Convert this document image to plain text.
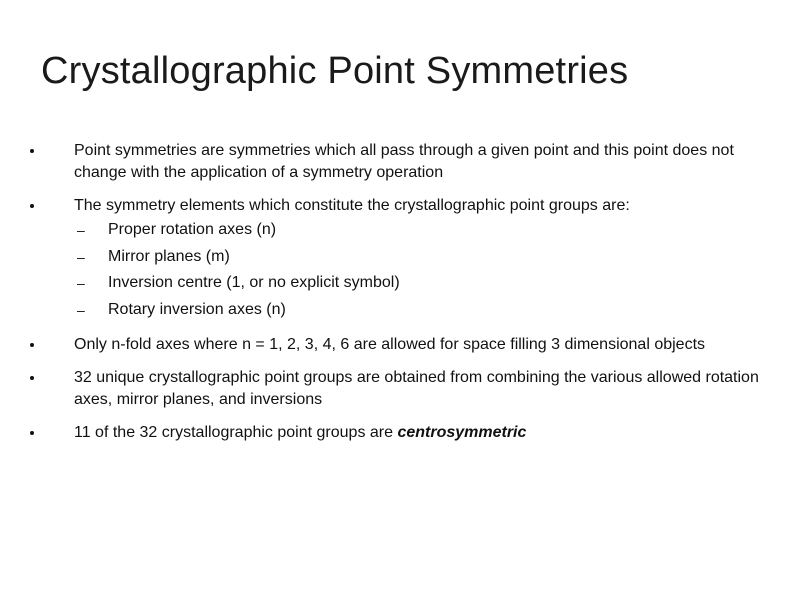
Crystallographic Point Symmetries
Point symmetries are symmetries which all pass through a given point and this point does not change with the application of a symmetry operation
The symmetry elements which constitute the crystallographic point groups are:
– Proper rotation axes (n)
– Mirror planes (m)
– Inversion centre (1, or no explicit symbol)
– Rotary inversion axes (n)
Only n-fold axes where n = 1, 2, 3, 4, 6 are allowed for space filling 3 dimensional objects
32 unique crystallographic point groups are obtained from combining the various allowed rotation axes, mirror planes, and inversions
11 of the 32 crystallographic point groups are centrosymmetric
